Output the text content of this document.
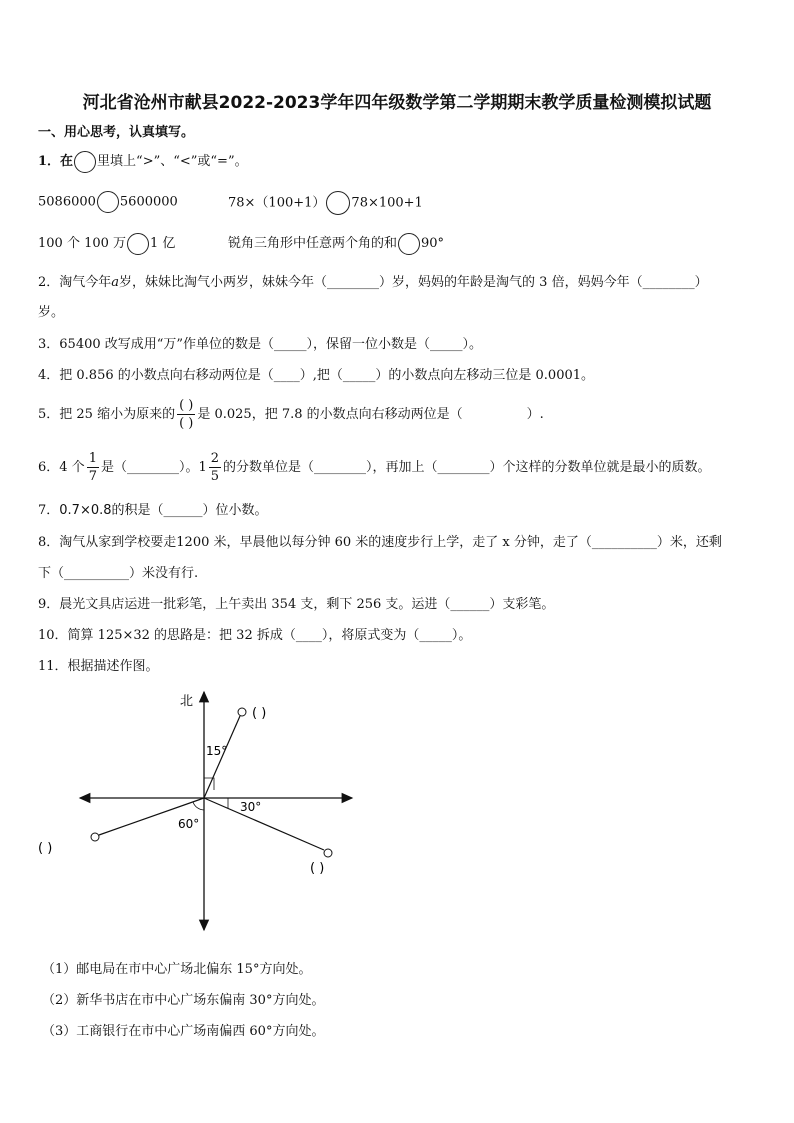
河北省沧州市献县2022-2023学年四年级数学第二学期期末教学质量检测模拟试题
一、用心思考，认真填写。
1．在 里填上“>”、“<”或“=”。
5086000 5600000	78×（100+1） 78×100+1
100 个 100 万 1 亿	锐角三角形中任意两个角的和 90°
2．淘气今年a岁，妹妹比淘气小两岁，妹妹今年（________）岁，妈妈的年龄是淘气的 3 倍，妈妈今年（________）
岁。
3．65400 改写成用“万”作单位的数是（_____），保留一位小数是（_____）。
4．把 0.856 的小数点向右移动两位是（____）,把（_____）的小数点向左移动三位是 0.0001。
5．把 25 缩小为原来的 $\frac{( )}{( )}$ 是 0.025，把 7.8 的小数点向右移动两位是（	）.
6．4 个 $\frac{1}{7}$ 是（________）。$1 \frac{2}{5}$ 的分数单位是（________），再加上（________）个这样的分数单位就是最小的质数。
7．0.7×0.8的积是（______）位小数。
8．淘气从家到学校要走1200 米，早晨他以每分钟 60 米的速度步行上学，走了 x 分钟，走了（__________）米，还剩
下（__________）米没有行.
9．晨光文具店运进一批彩笔，上午卖出 354 支，剩下 256 支。运进（______）支彩笔。
10．简算 125×32 的思路是：把 32 拆成（____），将原式变为（_____）。
11．根据描述作图。
北
15°
30°
60°
( )
( )
( )
（1）邮电局在市中心广场北偏东 15°方向处。
（2）新华书店在市中心广场东偏南 30°方向处。
（3）工商银行在市中心广场南偏西 60°方向处。
